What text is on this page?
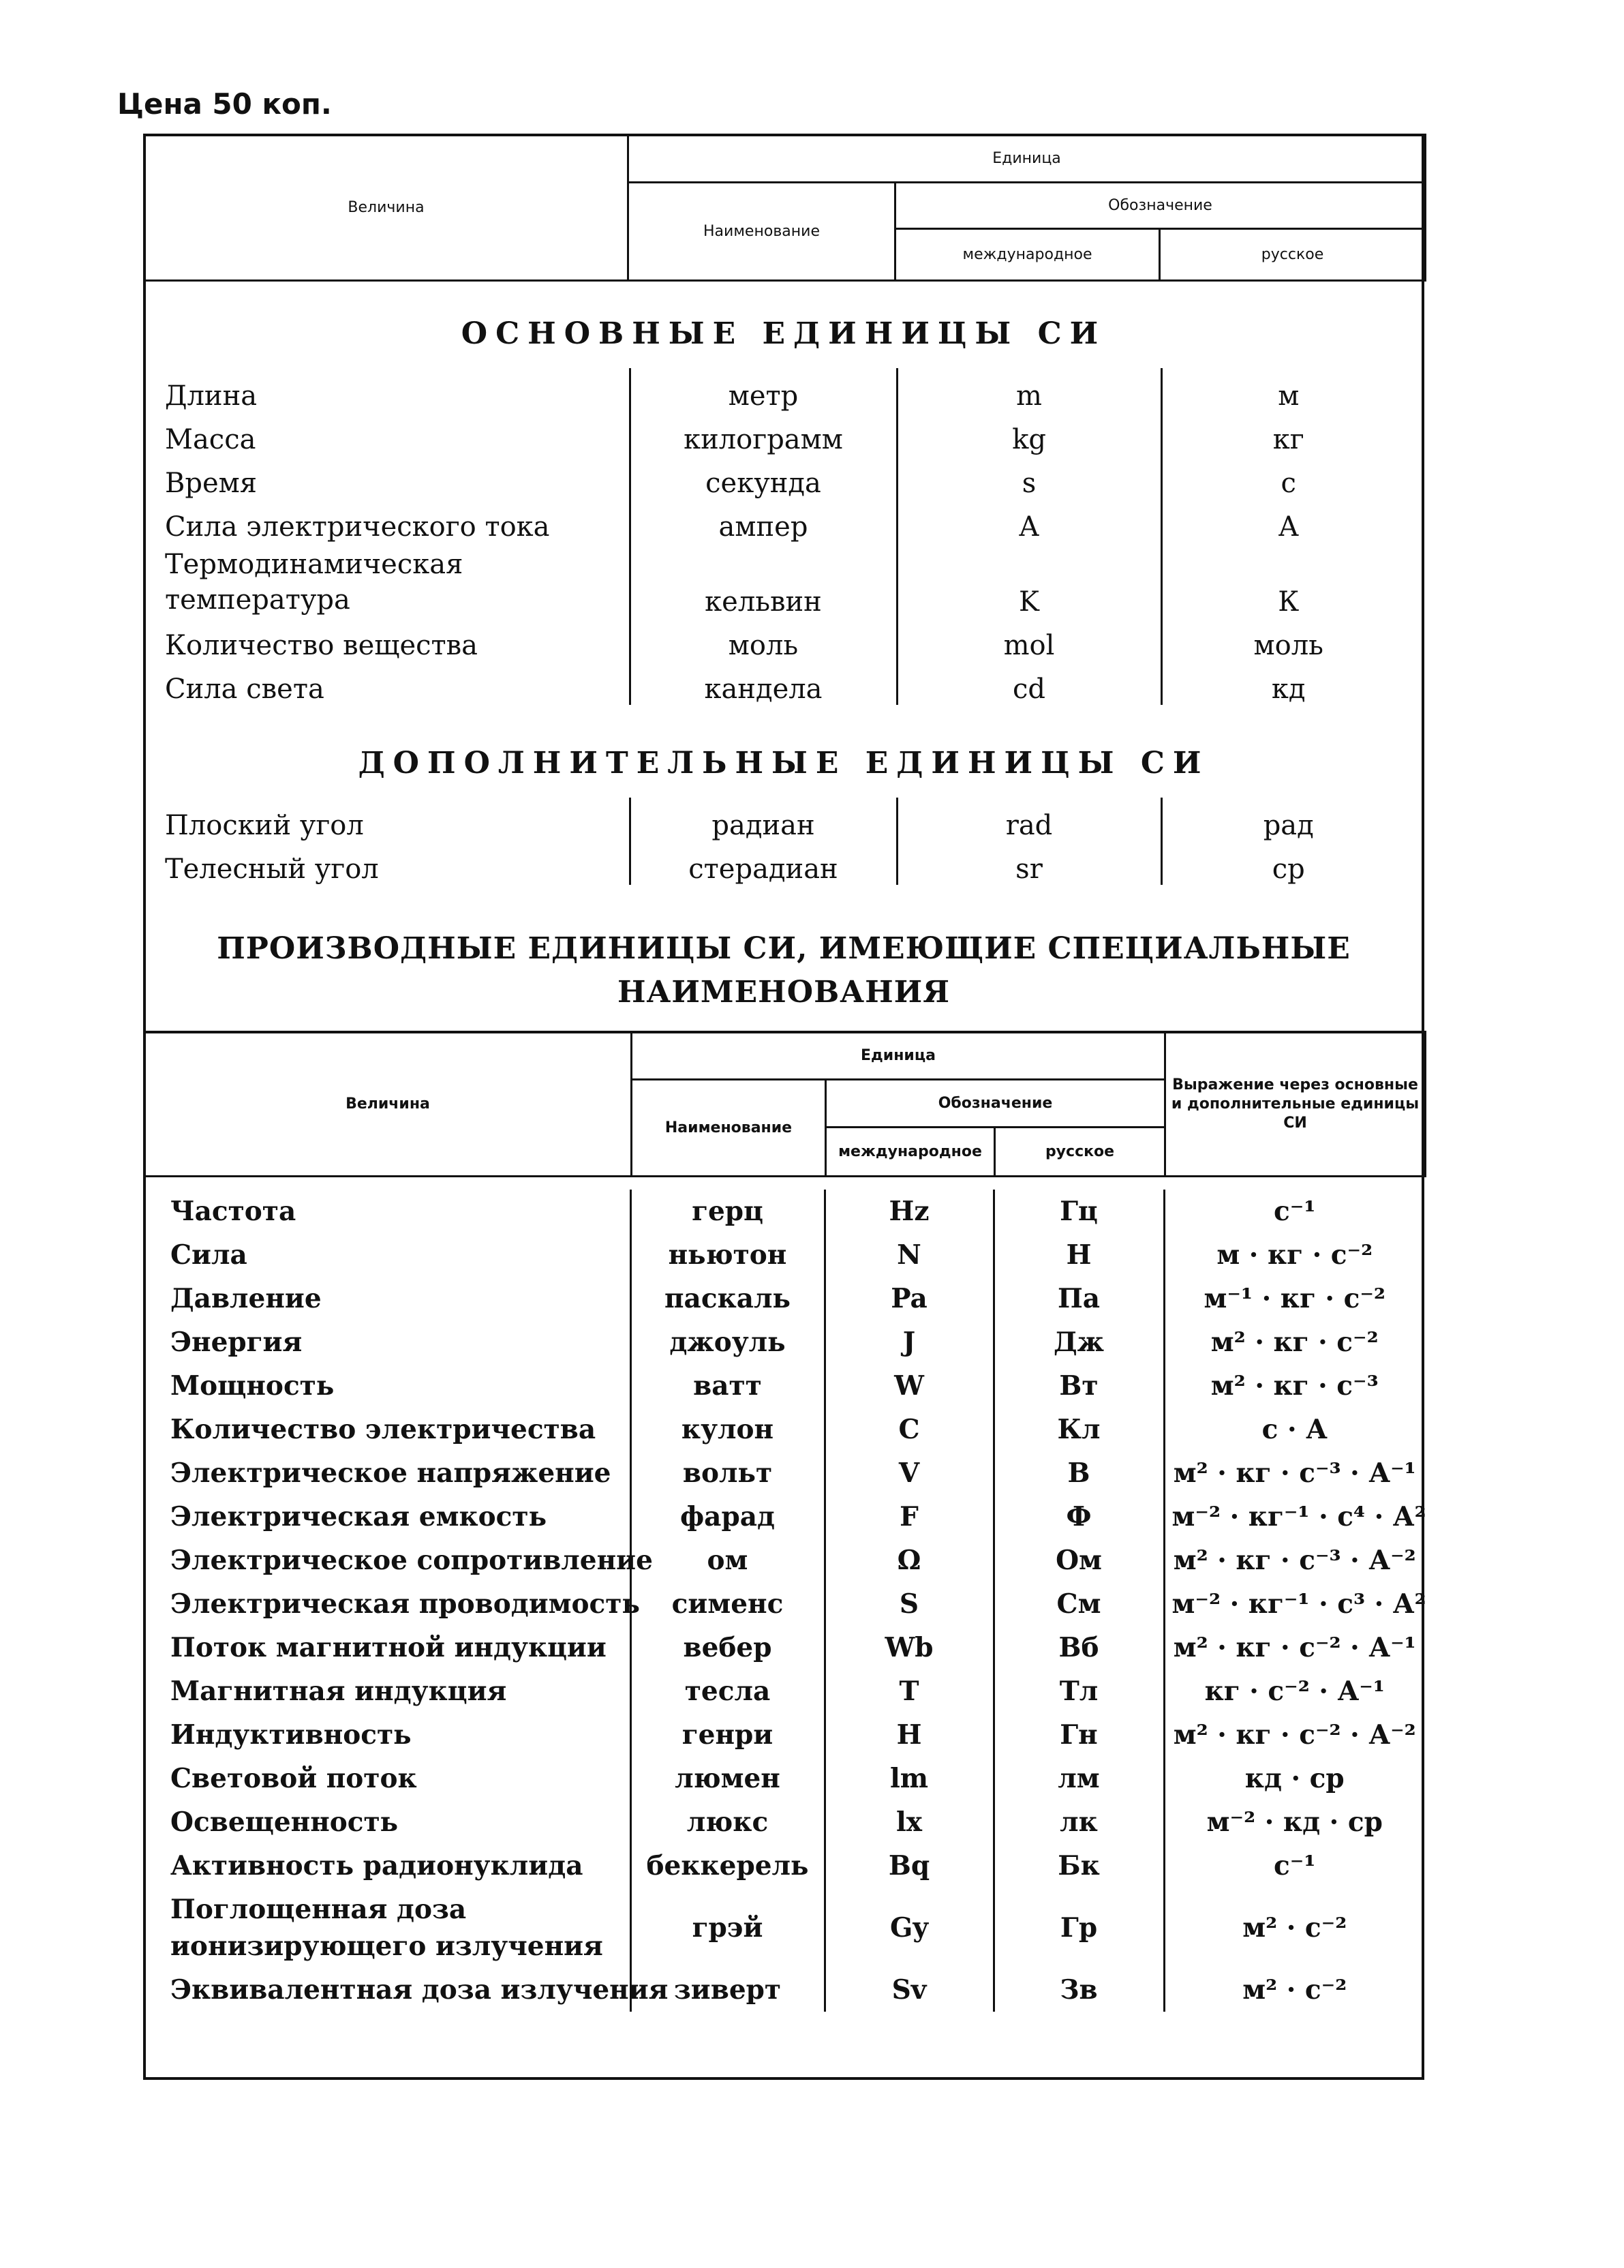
Цена 50 коп.
Величина	Единица		
	Наименование	Обозначение	
		международное	русское
ОСНОВНЫЕ ЕДИНИЦЫ СИ
Длина	метр	m	м
Масса	килограмм	kg	кг
Время	секунда	s	с
Сила электрического тока	ампер	A	А
Термодинамическая температура	кельвин	K	К
Количество вещества	моль	mol	моль
Сила света	кандела	cd	кд
ДОПОЛНИТЕЛЬНЫЕ ЕДИНИЦЫ СИ
Плоский угол	радиан	rad	рад
Телесный угол	стерадиан	sr	ср
ПРОИЗВОДНЫЕ ЕДИНИЦЫ СИ, ИМЕЮЩИЕ СПЕЦИАЛЬНЫЕ
НАИМЕНОВАНИЯ
Величина	Единица			Выражение через основные и дополнительные единицы СИ
	Наименование	Обозначение		
		международное	русское	
Частота	герц	Hz	Гц	с⁻¹
Сила	ньютон	N	Н	м · кг · с⁻²
Давление	паскаль	Pa	Па	м⁻¹ · кг · с⁻²
Энергия	джоуль	J	Дж	м² · кг · с⁻²
Мощность	ватт	W	Вт	м² · кг · с⁻³
Количество электричества	кулон	C	Кл	с · А
Электрическое напряжение	вольт	V	В	м² · кг · с⁻³ · А⁻¹
Электрическая емкость	фарад	F	Ф	м⁻² · кг⁻¹ · с⁴ · А²
Электрическое сопротивление	ом	Ω	Ом	м² · кг · с⁻³ · А⁻²
Электрическая проводимость	сименс	S	См	м⁻² · кг⁻¹ · с³ · А²
Поток магнитной индукции	вебер	Wb	Вб	м² · кг · с⁻² · А⁻¹
Магнитная индукция	тесла	T	Тл	кг · с⁻² · А⁻¹
Индуктивность	генри	H	Гн	м² · кг · с⁻² · А⁻²
Световой поток	люмен	lm	лм	кд · ср
Освещенность	люкс	lx	лк	м⁻² · кд · ср
Активность радионуклида	беккерель	Bq	Бк	с⁻¹
Поглощенная доза ионизирующего излучения	грэй	Gy	Гр	м² · с⁻²
Эквивалентная доза излучения	зиверт	Sv	Зв	м² · с⁻²
